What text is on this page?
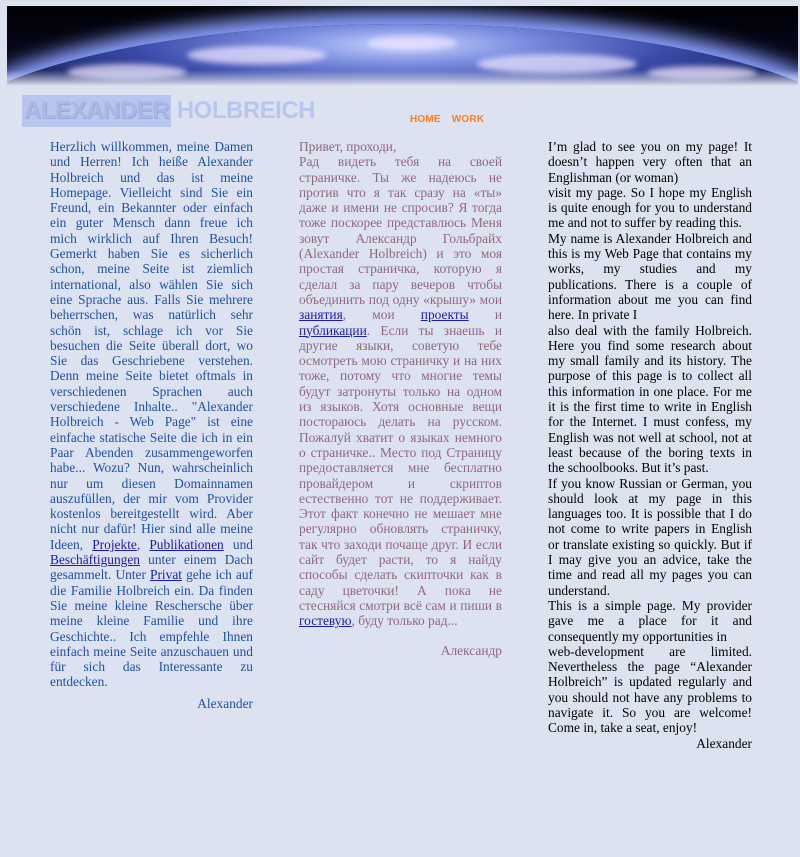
ALEXANDER HOLBREICH	HOME WORK
Herzlich willkommen, meine Damen und Herren! Ich heiße Alexander Holbreich und das ist meine Homepage. Vielleicht sind Sie ein Freund, ein Bekannter oder einfach ein guter Mensch dann freue ich mich wirklich auf Ihren Besuch! Gemerkt haben Sie es sicherlich schon, meine Seite ist ziemlich international, also wählen Sie sich eine Sprache aus. Falls Sie mehrere beherrschen, was natürlich sehr schön ist, schlage ich vor Sie besuchen die Seite überall dort, wo Sie das Geschriebene verstehen. Denn meine Seite bietet oftmals in verschiedenen Sprachen auch verschiedene Inhalte.. "Alexander Holbreich - Web Page" ist eine einfache statische Seite die ich in ein Paar Abenden zusammengeworfen habe... Wozu? Nun, wahrscheinlich nur um diesen Domainnamen auszufüllen, der mir vom Provider kostenlos bereitgestellt wird. Aber nicht nur dafür! Hier sind alle meine Ideen, Projekte, Publikationen und Beschäftigungen unter einem Dach gesammelt. Unter Privat gehe ich auf die Familie Holbreich ein. Da finden Sie meine kleine Reschersche über meine kleine Familie und ihre Geschichte.. Ich empfehle Ihnen einfach meine Seite anzuschauen und für sich das Interessante zu entdecken.
Alexander
Привет, проходи,
Рад видеть тебя на своей страничке. Ты же надеюсь не против что я так сразу на «ты» даже и имени не спросив? Я тогда тоже поскорее представлюсь Меня зовут Александр Гольбрайх (Alexander Holbreich) и это моя простая страничка, которую я сделал за пару вечеров чтобы объединить под одну «крышу» мои занятия, мои проекты и публикации. Если ты знаешь и другие языки, советую тебе осмотреть мою страничку и на них тоже, потому что многие темы будут затронуты только на одном из языков. Хотя основные вещи постораюсь делать на русском. Пожалуй хватит о языках немного о страничке.. Место под Страницу предоставляется мне бесплатно провайдером и скриптов естественно тот не поддерживает. Этот факт конечно не мешает мне регулярно обновлять страничку, так что заходи почаще друг. И если сайт будет расти, то я найду способы сделать скипточки как в саду цветочки! А пока не стесняйся смотри всё сам и пиши в гостевую, буду только рад...
Александр
I’m glad to see you on my page! It doesn’t happen very often that an Englishman (or woman)
visit my page. So I hope my English is quite enough for you to understand me and not to suffer by reading this.
My name is Alexander Holbreich and this is my Web Page that contains my works, my studies and my publications. There is a couple of information about me you can find here. In private I
also deal with the family Holbreich. Here you find some research about my small family and its history. The purpose of this page is to collect all this information in one place. For me it is the first time to write in English for the Internet. I must confess, my English was not well at school, not at least because of the boring texts in the schoolbooks. But it’s past.
If you know Russian or German, you should look at my page in this languages too. It is possible that I do not come to write papers in English or translate existing so quickly. But if I may give you an advice, take the time and read all my pages you can understand.
This is a simple page. My provider gave me a place for it and consequently my opportunities in
web-development are limited. Nevertheless the page “Alexander Holbreich” is updated regularly and you should not have any problems to navigate it. So you are welcome! Come in, take a seat, enjoy!
Alexander
